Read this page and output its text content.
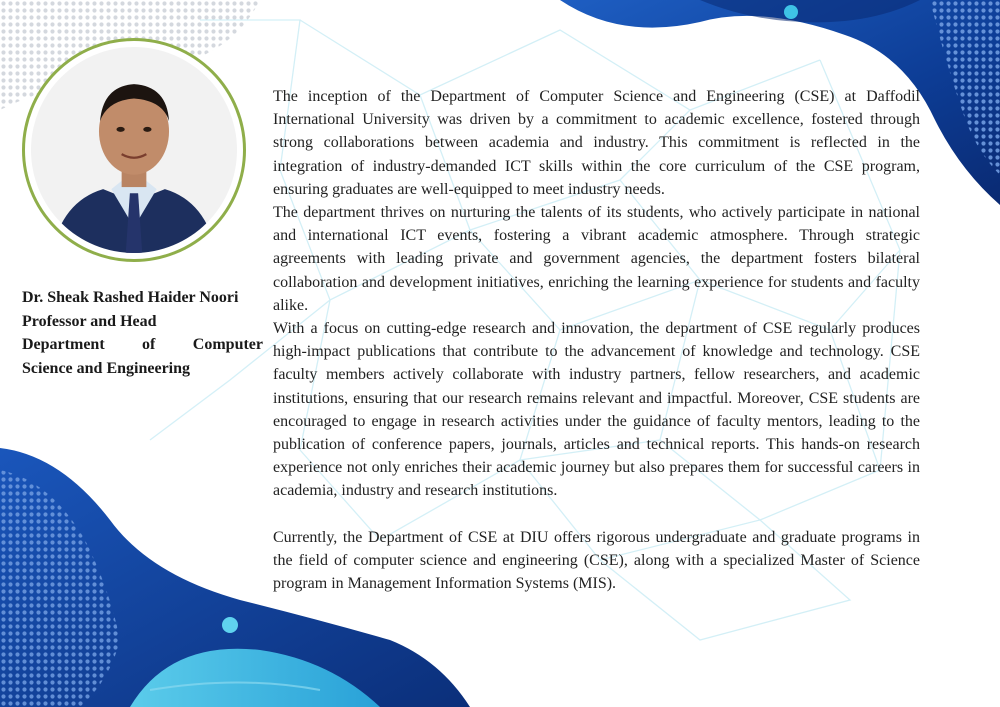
Dr. Sheak Rashed Haider Noori
Professor and Head
Department of Computer
Science and Engineering

The inception of the Department of Computer Science and Engineering (CSE) at Daffodil International University was driven by a commitment to academic excellence, fostered through strong collaborations between academia and industry. This commitment is reflected in the integration of industry-demanded ICT skills within the core curriculum of the CSE program, ensuring graduates are well-equipped to meet industry needs.

The department thrives on nurturing the talents of its students, who actively participate in national and international ICT events, fostering a vibrant academic atmosphere. Through strategic agreements with leading private and government agencies, the department fosters bilateral collaboration and development initiatives, enriching the learning experience for students and faculty alike.

With a focus on cutting-edge research and innovation, the department of CSE regularly produces high-impact publications that contribute to the advancement of knowledge and technology. CSE faculty members actively collaborate with industry partners, fellow researchers, and academic institutions, ensuring that our research remains relevant and impactful. Moreover, CSE students are encouraged to engage in research activities under the guidance of faculty mentors, leading to the publication of conference papers, journals, articles and technical reports. This hands-on research experience not only enriches their academic journey but also prepares them for successful careers in academia, industry and research institutions.

Currently, the Department of CSE at DIU offers rigorous undergraduate and graduate programs in the field of computer science and engineering (CSE), along with a specialized Master of Science program in Management Information Systems (MIS).
